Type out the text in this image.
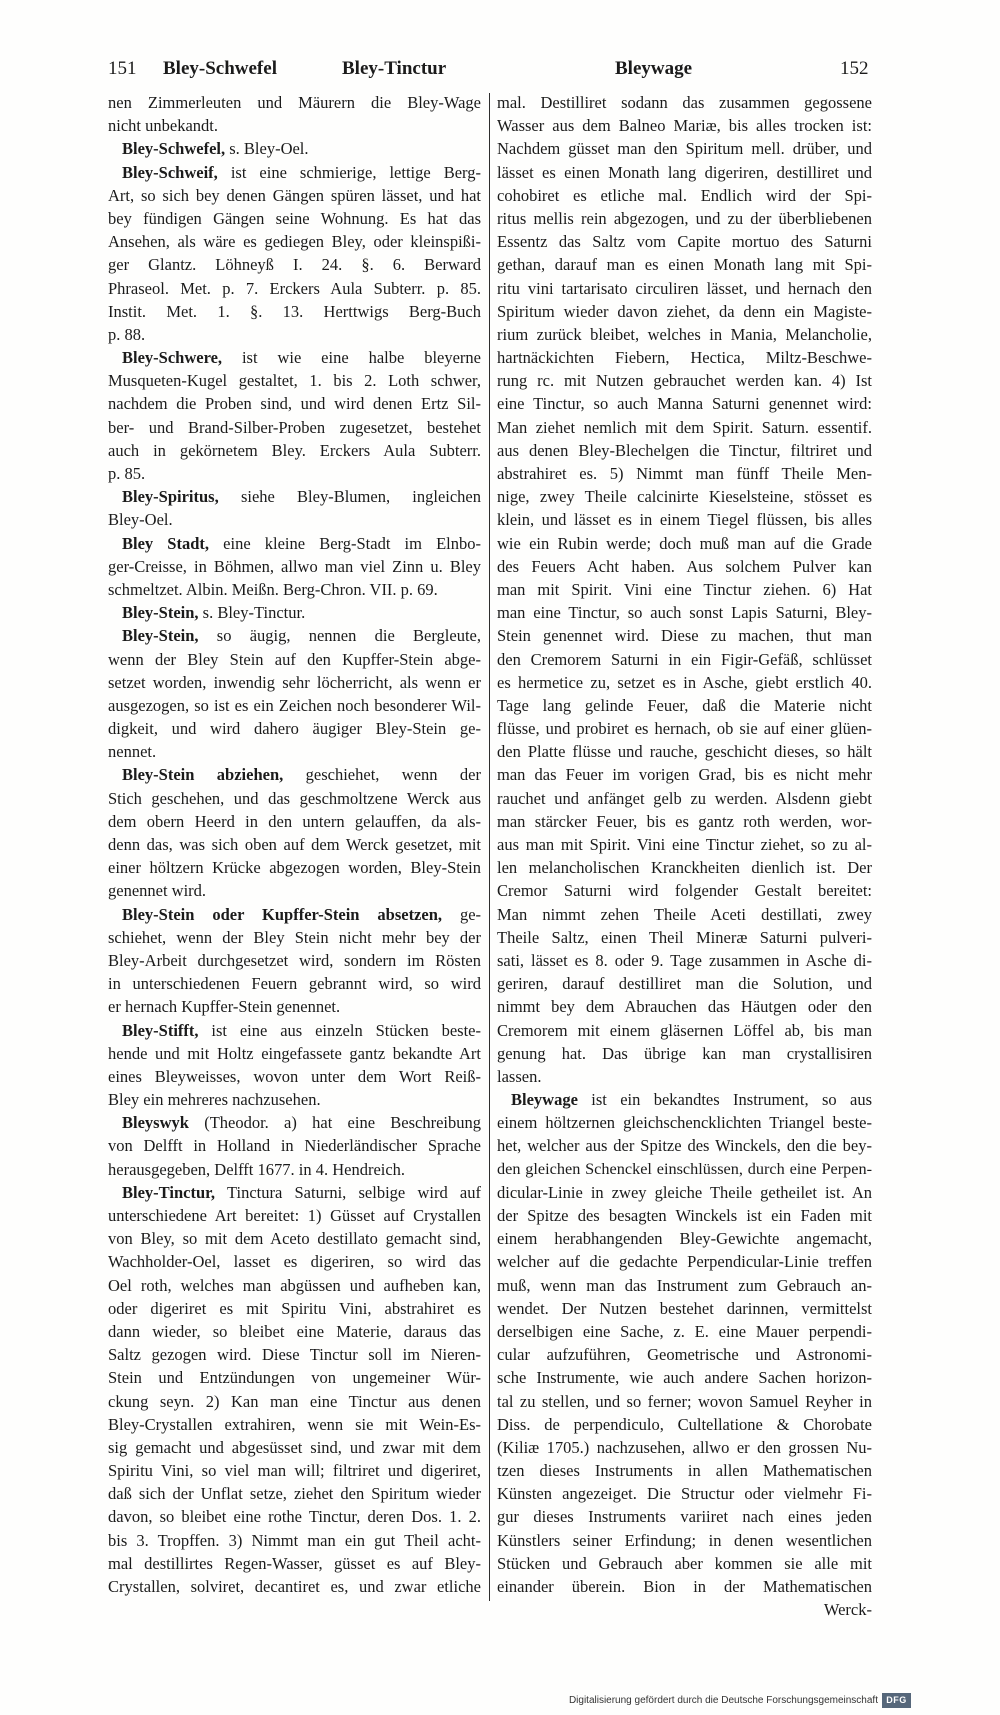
151 Bley-Schwefel	Bley-Tinctur	Bleywage	152
nen Zimmerleuten und Mäurern die Bley-Wage
nicht unbekandt.
Bley-Schwefel, s. Bley-Oel.
Bley-Schweif, ist eine schmierige, lettige Berg-
Art, so sich bey denen Gängen spüren lässet, und hat
bey fündigen Gängen seine Wohnung. Es hat das
Ansehen, als wäre es gediegen Bley, oder kleinspißi-
ger Glantz. Löhneyß I. 24. §. 6. Berward
Phraseol. Met. p. 7. Erckers Aula Subterr. p. 85.
Instit. Met. 1. §. 13. Herttwigs Berg-Buch
p. 88.
Bley-Schwere, ist wie eine halbe bleyerne
Musqueten-Kugel gestaltet, 1. bis 2. Loth schwer,
nachdem die Proben sind, und wird denen Ertz Sil-
ber- und Brand-Silber-Proben zugesetzet, bestehet
auch in gekörnetem Bley. Erckers Aula Subterr.
p. 85.
Bley-Spiritus, siehe Bley-Blumen, ingleichen
Bley-Oel.
Bley Stadt, eine kleine Berg-Stadt im Elnbo-
ger-Creisse, in Böhmen, allwo man viel Zinn u. Bley
schmeltzet. Albin. Meißn. Berg-Chron. VII. p. 69.
Bley-Stein, s. Bley-Tinctur.
Bley-Stein, so äugig, nennen die Bergleute,
wenn der Bley Stein auf den Kupffer-Stein abge-
setzet worden, inwendig sehr löcherricht, als wenn er
ausgezogen, so ist es ein Zeichen noch besonderer Wil-
digkeit, und wird dahero äugiger Bley-Stein ge-
nennet.
Bley-Stein abziehen, geschiehet, wenn der
Stich geschehen, und das geschmoltzene Werck aus
dem obern Heerd in den untern gelauffen, da als-
denn das, was sich oben auf dem Werck gesetzet, mit
einer höltzern Krücke abgezogen worden, Bley-Stein
genennet wird.
Bley-Stein oder Kupffer-Stein absetzen, ge-
schiehet, wenn der Bley Stein nicht mehr bey der
Bley-Arbeit durchgesetzet wird, sondern im Rösten
in unterschiedenen Feuern gebrannt wird, so wird
er hernach Kupffer-Stein genennet.
Bley-Stifft, ist eine aus einzeln Stücken beste-
hende und mit Holtz eingefassete gantz bekandte Art
eines Bleyweisses, wovon unter dem Wort Reiß-
Bley ein mehreres nachzusehen.
Bleyswyk (Theodor. a) hat eine Beschreibung
von Delfft in Holland in Niederländischer Sprache
herausgegeben, Delfft 1677. in 4. Hendreich.
Bley-Tinctur, Tinctura Saturni, selbige wird auf
unterschiedene Art bereitet: 1) Güsset auf Crystallen
von Bley, so mit dem Aceto destillato gemacht sind,
Wachholder-Oel, lasset es digeriren, so wird das
Oel roth, welches man abgüssen und aufheben kan,
oder digeriret es mit Spiritu Vini, abstrahiret es
dann wieder, so bleibet eine Materie, daraus das
Saltz gezogen wird. Diese Tinctur soll im Nieren-
Stein und Entzündungen von ungemeiner Wür-
ckung seyn. 2) Kan man eine Tinctur aus denen
Bley-Crystallen extrahiren, wenn sie mit Wein-Es-
sig gemacht und abgesüsset sind, und zwar mit dem
Spiritu Vini, so viel man will; filtriret und digeriret,
daß sich der Unflat setze, ziehet den Spiritum wieder
davon, so bleibet eine rothe Tinctur, deren Dos. 1. 2.
bis 3. Tropffen. 3) Nimmt man ein gut Theil acht-
mal destillirtes Regen-Wasser, güsset es auf Bley-
Crystallen, solviret, decantiret es, und zwar etliche
mal. Destilliret sodann das zusammen gegossene
Wasser aus dem Balneo Mariæ, bis alles trocken ist:
Nachdem güsset man den Spiritum mell. drüber, und
lässet es einen Monath lang digeriren, destilliret und
cohobiret es etliche mal. Endlich wird der Spi-
ritus mellis rein abgezogen, und zu der überbliebenen
Essentz das Saltz vom Capite mortuo des Saturni
gethan, darauf man es einen Monath lang mit Spi-
ritu vini tartarisato circuliren lässet, und hernach den
Spiritum wieder davon ziehet, da denn ein Magiste-
rium zurück bleibet, welches in Mania, Melancholie,
hartnäckichten Fiebern, Hectica, Miltz-Beschwe-
rung rc. mit Nutzen gebrauchet werden kan. 4) Ist
eine Tinctur, so auch Manna Saturni genennet wird:
Man ziehet nemlich mit dem Spirit. Saturn. essentif.
aus denen Bley-Blechelgen die Tinctur, filtriret und
abstrahiret es. 5) Nimmt man fünff Theile Men-
nige, zwey Theile calcinirte Kieselsteine, stösset es
klein, und lässet es in einem Tiegel flüssen, bis alles
wie ein Rubin werde; doch muß man auf die Grade
des Feuers Acht haben. Aus solchem Pulver kan
man mit Spirit. Vini eine Tinctur ziehen. 6) Hat
man eine Tinctur, so auch sonst Lapis Saturni, Bley-
Stein genennet wird. Diese zu machen, thut man
den Cremorem Saturni in ein Figir-Gefäß, schlüsset
es hermetice zu, setzet es in Asche, giebt erstlich 40.
Tage lang gelinde Feuer, daß die Materie nicht
flüsse, und probiret es hernach, ob sie auf einer glüen-
den Platte flüsse und rauche, geschicht dieses, so hält
man das Feuer im vorigen Grad, bis es nicht mehr
rauchet und anfänget gelb zu werden. Alsdenn giebt
man stärcker Feuer, bis es gantz roth werden, wor-
aus man mit Spirit. Vini eine Tinctur ziehet, so zu al-
len melancholischen Kranckheiten dienlich ist. Der
Cremor Saturni wird folgender Gestalt bereitet:
Man nimmt zehen Theile Aceti destillati, zwey
Theile Saltz, einen Theil Mineræ Saturni pulveri-
sati, lässet es 8. oder 9. Tage zusammen in Asche di-
geriren, darauf destilliret man die Solution, und
nimmt bey dem Abrauchen das Häutgen oder den
Cremorem mit einem gläsernen Löffel ab, bis man
genung hat. Das übrige kan man crystallisiren
lassen.
Bleywage ist ein bekandtes Instrument, so aus
einem höltzernen gleichschencklichten Triangel beste-
het, welcher aus der Spitze des Winckels, den die bey-
den gleichen Schenckel einschlüssen, durch eine Perpen-
dicular-Linie in zwey gleiche Theile getheilet ist. An
der Spitze des besagten Winckels ist ein Faden mit
einem herabhangenden Bley-Gewichte angemacht,
welcher auf die gedachte Perpendicular-Linie treffen
muß, wenn man das Instrument zum Gebrauch an-
wendet. Der Nutzen bestehet darinnen, vermittelst
derselbigen eine Sache, z. E. eine Mauer perpendi-
cular aufzuführen, Geometrische und Astronomi-
sche Instrumente, wie auch andere Sachen horizon-
tal zu stellen, und so ferner; wovon Samuel Reyher in
Diss. de perpendiculo, Cultellatione & Chorobate
(Kiliæ 1705.) nachzusehen, allwo er den grossen Nu-
tzen dieses Instruments in allen Mathematischen
Künsten angezeiget. Die Structur oder vielmehr Fi-
gur dieses Instruments variiret nach eines jeden
Künstlers seiner Erfindung; in denen wesentlichen
Stücken und Gebrauch aber kommen sie alle mit
einander überein. Bion in der Mathematischen
Werck-
Digitalisierung gefördert durch die Deutsche Forschungsgemeinschaft DFG
